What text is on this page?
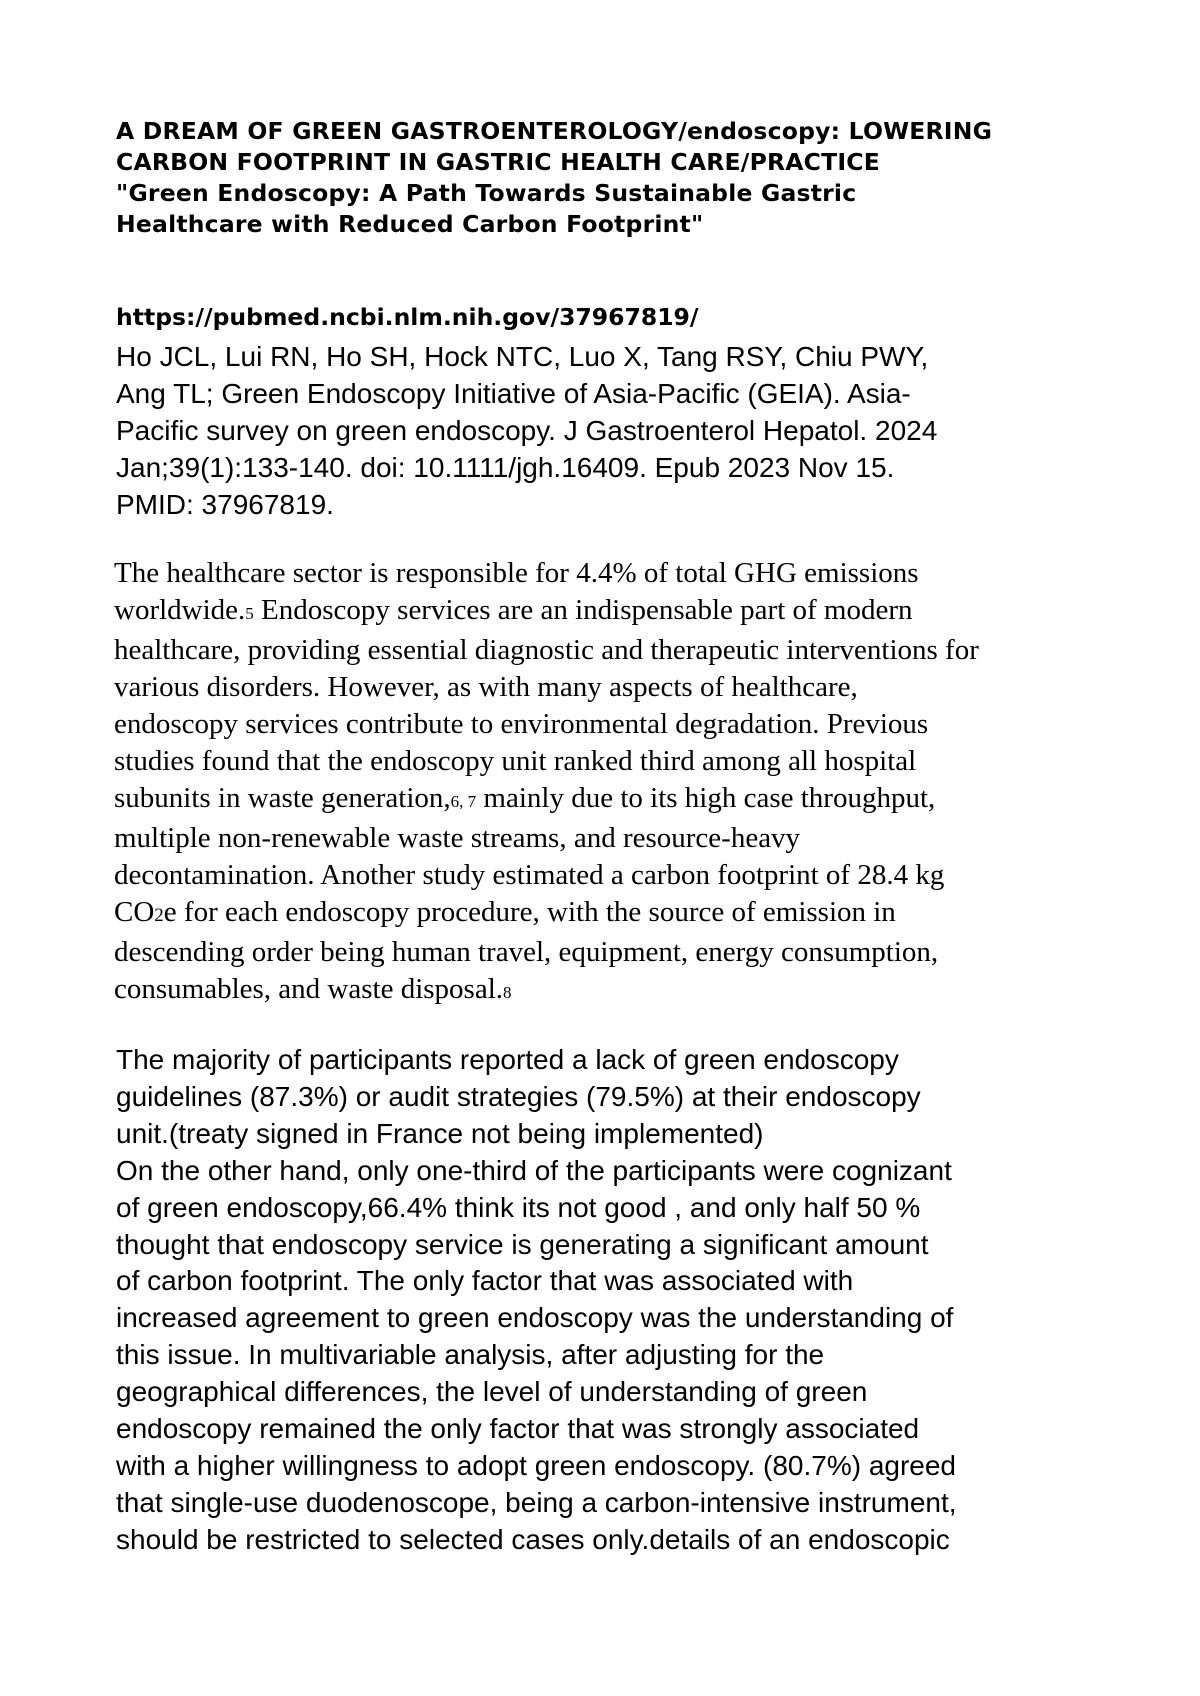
A DREAM OF GREEN GASTROENTEROLOGY/endoscopy: LOWERING
CARBON FOOTPRINT IN GASTRIC HEALTH CARE/PRACTICE
"Green Endoscopy: A Path Towards Sustainable Gastric
Healthcare with Reduced Carbon Footprint"
https://pubmed.ncbi.nlm.nih.gov/37967819/
Ho JCL, Lui RN, Ho SH, Hock NTC, Luo X, Tang RSY, Chiu PWY,
Ang TL; Green Endoscopy Initiative of Asia-Pacific (GEIA). Asia-
Pacific survey on green endoscopy. J Gastroenterol Hepatol. 2024
Jan;39(1):133-140. doi: 10.1111/jgh.16409. Epub 2023 Nov 15.
PMID: 37967819.
The healthcare sector is responsible for 4.4% of total GHG emissions
worldwide.5 Endoscopy services are an indispensable part of modern
healthcare, providing essential diagnostic and therapeutic interventions for
various disorders. However, as with many aspects of healthcare,
endoscopy services contribute to environmental degradation. Previous
studies found that the endoscopy unit ranked third among all hospital
subunits in waste generation,6, 7 mainly due to its high case throughput,
multiple non-renewable waste streams, and resource-heavy
decontamination. Another study estimated a carbon footprint of 28.4 kg
CO2e for each endoscopy procedure, with the source of emission in
descending order being human travel, equipment, energy consumption,
consumables, and waste disposal.8
The majority of participants reported a lack of green endoscopy
guidelines (87.3%) or audit strategies (79.5%) at their endoscopy
unit.(treaty signed in France not being implemented)
On the other hand, only one-third of the participants were cognizant
of green endoscopy,66.4% think its not good , and only half 50 %
thought that endoscopy service is generating a significant amount
of carbon footprint. The only factor that was associated with
increased agreement to green endoscopy was the understanding of
this issue. In multivariable analysis, after adjusting for the
geographical differences, the level of understanding of green
endoscopy remained the only factor that was strongly associated
with a higher willingness to adopt green endoscopy. (80.7%) agreed
that single-use duodenoscope, being a carbon-intensive instrument,
should be restricted to selected cases only.details of an endoscopic
